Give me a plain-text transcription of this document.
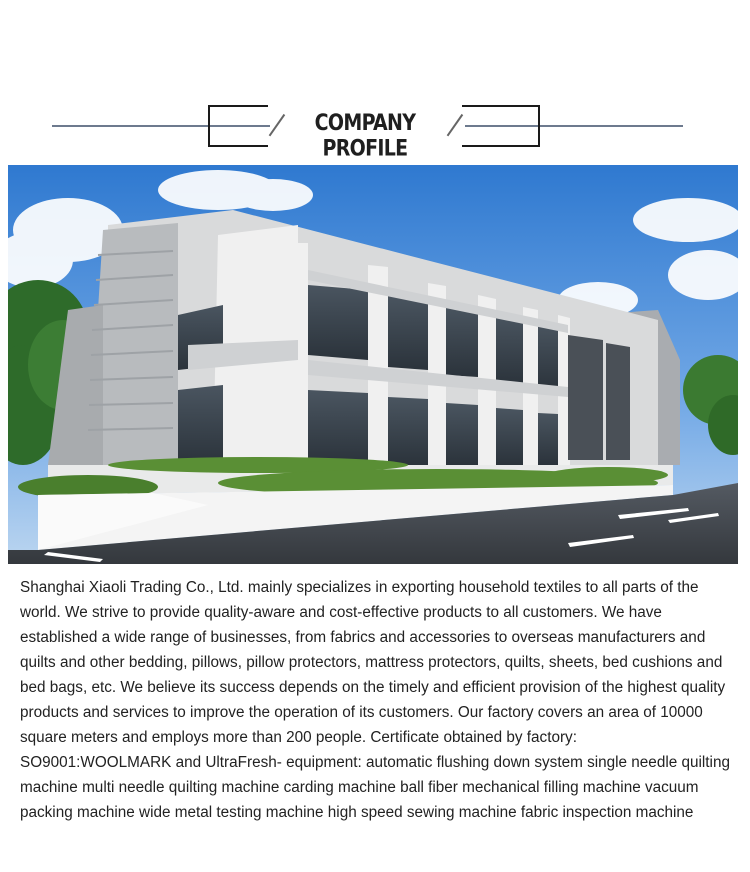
COMPANY PROFILE
Shanghai Xiaoli Trading Co., Ltd. mainly specializes in exporting household textiles to all parts of the world. We strive to provide quality-aware and cost-effective products to all customers. We have established a wide range of businesses, from fabrics and accessories to overseas manufacturers and quilts and other bedding, pillows, pillow protectors, mattress protectors, quilts, sheets, bed cushions and bed bags, etc. We believe its success depends on the timely and efficient provision of the highest quality products and services to improve the operation of its customers. Our factory covers an area of 10000 square meters and employs more than 200 people. Certificate obtained by factory: SO9001:WOOLMARK and UltraFresh- equipment: automatic flushing down system single needle quilting machine multi needle quilting machine carding machine ball fiber mechanical filling machine vacuum packing machine wide metal testing machine high speed sewing machine fabric inspection machine
